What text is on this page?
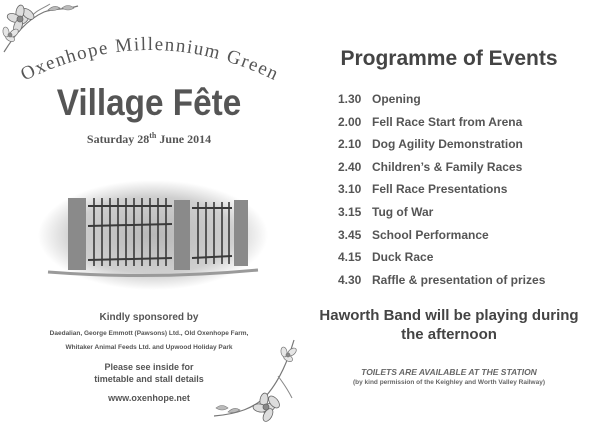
Oxenhope Millennium Green
Village Fête
Saturday 28th June 2014
Kindly sponsored by
Daedalian, George Emmott (Pawsons) Ltd., Old Oxenhope Farm,
Whitaker Animal Feeds Ltd. and Upwood Holiday Park
Please see inside for
timetable and stall details
www.oxenhope.net
Programme of Events
1.30 Opening
2.00 Fell Race Start from Arena
2.10 Dog Agility Demonstration
2.40 Children’s & Family Races
3.10 Fell Race Presentations
3.15 Tug of War
3.45 School Performance
4.15 Duck Race
4.30 Raffle & presentation of prizes
Haworth Band will be playing during
the afternoon
TOILETS ARE AVAILABLE AT THE STATION
(by kind permission of the Keighley and Worth Valley Railway)
